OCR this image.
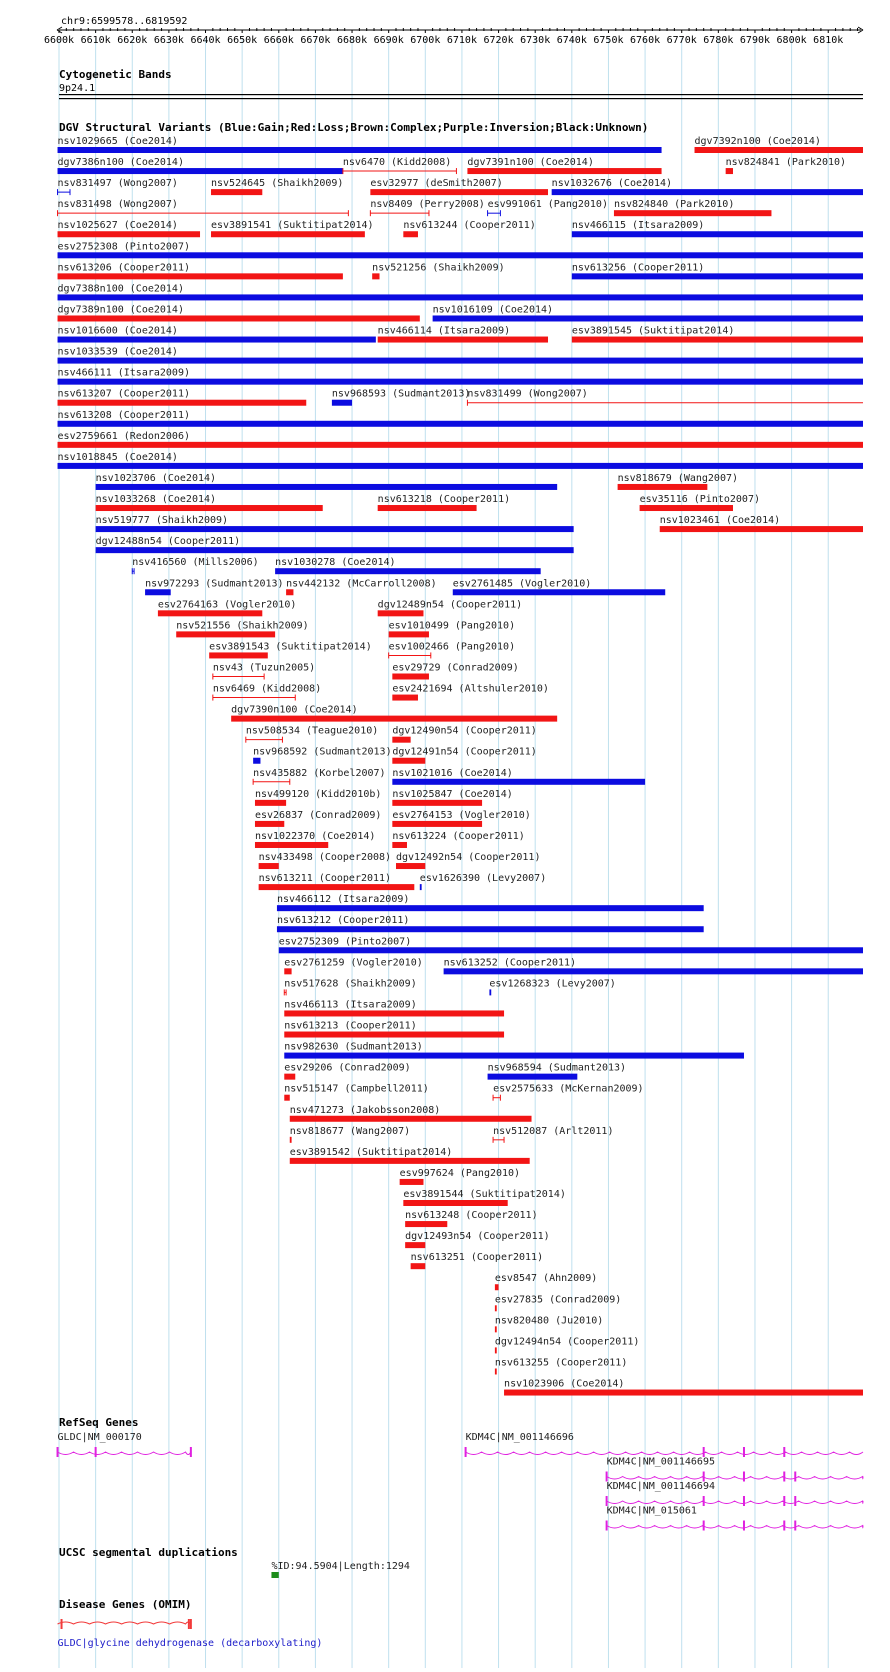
chr9:6599578..6819592
6600k 6610k 6620k 6630k 6640k 6650k 6660k 6670k 6680k 6690k 6700k 6710k 6720k 6730k 6740k 6750k 6760k 6770k 6780k 6790k 6800k 6810k
Cytogenetic Bands
9p24.1
DGV Structural Variants (Blue:Gain;Red:Loss;Brown:Complex;Purple:Inversion;Black:Unknown)
nsv1029665 (Coe2014)	dgv7392n100 (Coe2014)
dgv7386n100 (Coe2014)	nsv6470 (Kidd2008) dgv7391n100 (Coe2014)	nsv824841 (Park2010)
nsv831497 (Wong2007)	nsv524645 (Shaikh2009)	esv32977 (deSmith2007)	nsv1032676 (Coe2014)
nsv831498 (Wong2007)	nsv8409 (Perry2008) esv991061 (Pang2010) nsv824840 (Park2010)
nsv1025627 (Coe2014)	esv3891541 (Suktitipat2014)	nsv613244 (Cooper2011)	nsv466115 (Itsara2009)
esv2752308 (Pinto2007)
nsv613206 (Cooper2011)	nsv521256 (Shaikh2009)	nsv613256 (Cooper2011)
dgv7388n100 (Coe2014)
dgv7389n100 (Coe2014)	nsv1016109 (Coe2014)
nsv1016600 (Coe2014)	nsv466114 (Itsara2009)	esv3891545 (Suktitipat2014)
nsv1033539 (Coe2014)
nsv466111 (Itsara2009)
nsv613207 (Cooper2011)	nsv968593 (Sudmant2013)
nsv831499 (Wong2007)
nsv613208 (Cooper2011)
esv2759661 (Redon2006)
nsv1018845 (Coe2014)
nsv1023706 (Coe2014)	nsv818679 (Wang2007)
nsv1033268 (Coe2014)	nsv613218 (Cooper2011)	esv35116 (Pinto2007)
nsv519777 (Shaikh2009)	nsv1023461 (Coe2014)
dgv12488n54 (Cooper2011)
nsv416560 (Mills2006) nsv1030278 (Coe2014)
nsv972293 (Sudmant2013) nsv442132 (McCarroll2008) esv2761485 (Vogler2010)
esv2764163 (Vogler2010)	dgv12489n54 (Cooper2011)
nsv521556 (Shaikh2009)	esv1010499 (Pang2010)
esv3891543 (Suktitipat2014) esv1002466 (Pang2010)
nsv43 (Tuzun2005)	esv29729 (Conrad2009)
nsv6469 (Kidd2008)	esv2421694 (Altshuler2010)
dgv7390n100 (Coe2014)
nsv508534 (Teague2010) dgv12490n54 (Cooper2011)
nsv968592 (Sudmant2013) dgv12491n54 (Cooper2011)
nsv435882 (Korbel2007) nsv1021016 (Coe2014)
nsv499120 (Kidd2010b) nsv1025847 (Coe2014)
esv26837 (Conrad2009) esv2764153 (Vogler2010)
nsv1022370 (Coe2014) nsv613224 (Cooper2011)
nsv433498 (Cooper2008) dgv12492n54 (Cooper2011)
nsv613211 (Cooper2011)	esv1626390 (Levy2007)
nsv466112 (Itsara2009)
nsv613212 (Cooper2011)
esv2752309 (Pinto2007)
esv2761259 (Vogler2010) nsv613252 (Cooper2011)
nsv517628 (Shaikh2009)	esv1268323 (Levy2007)
nsv466113 (Itsara2009)
nsv613213 (Cooper2011)
nsv982630 (Sudmant2013)
esv29206 (Conrad2009)	nsv968594 (Sudmant2013)
nsv515147 (Campbell2011)	esv2575633 (McKernan2009)
nsv471273 (Jakobsson2008)
nsv818677 (Wang2007)	nsv512087 (Arlt2011)
esv3891542 (Suktitipat2014)
esv997624 (Pang2010)
esv3891544 (Suktitipat2014)
nsv613248 (Cooper2011)
dgv12493n54 (Cooper2011)
nsv613251 (Cooper2011)
esv8547 (Ahn2009)
esv27835 (Conrad2009)
nsv820480 (Ju2010)
dgv12494n54 (Cooper2011)
nsv613255 (Cooper2011)
nsv1023906 (Coe2014)
RefSeq Genes
GLDC|NM_000170	KDM4C|NM_001146696
KDM4C|NM_001146695
KDM4C|NM_001146694
KDM4C|NM_015061
UCSC segmental duplications
%ID:94.5904|Length:1294
Disease Genes (OMIM)
GLDC|glycine dehydrogenase (decarboxylating)
